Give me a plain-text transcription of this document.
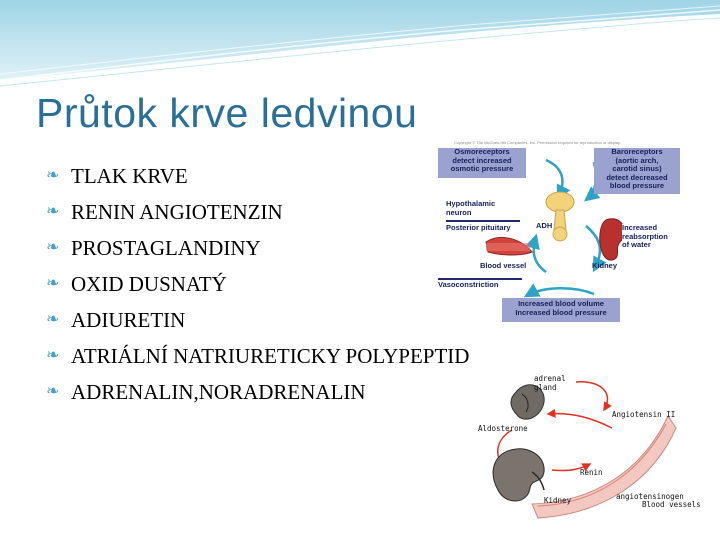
Průtok krve ledvinou
❧ TLAK KRVE
❧ RENIN ANGIOTENZIN
❧ PROSTAGLANDINY
❧ OXID DUSNATÝ
❧ ADIURETIN
❧ ATRIÁLNÍ NATRIURETICKY POLYPEPTID
❧ ADRENALIN,NORADRENALIN
Copyright © The McGraw-Hill Companies, Inc. Permission required for reproduction or display.
Osmoreceptors
detect increased
osmotic pressure
Baroreceptors
(aortic arch,
carotid sinus)
detect decreased
blood pressure
Hypothalamic
neuron
Posterior pituitary	ADH	Increased
reabsorption
of water
Blood vessel	Kidney
Vasoconstriction
Increased blood volume
Increased blood pressure
adrenal
gland
Angiotensin II
Aldosterone
Renin
Kidney	angiotensinogen
Blood vessels
